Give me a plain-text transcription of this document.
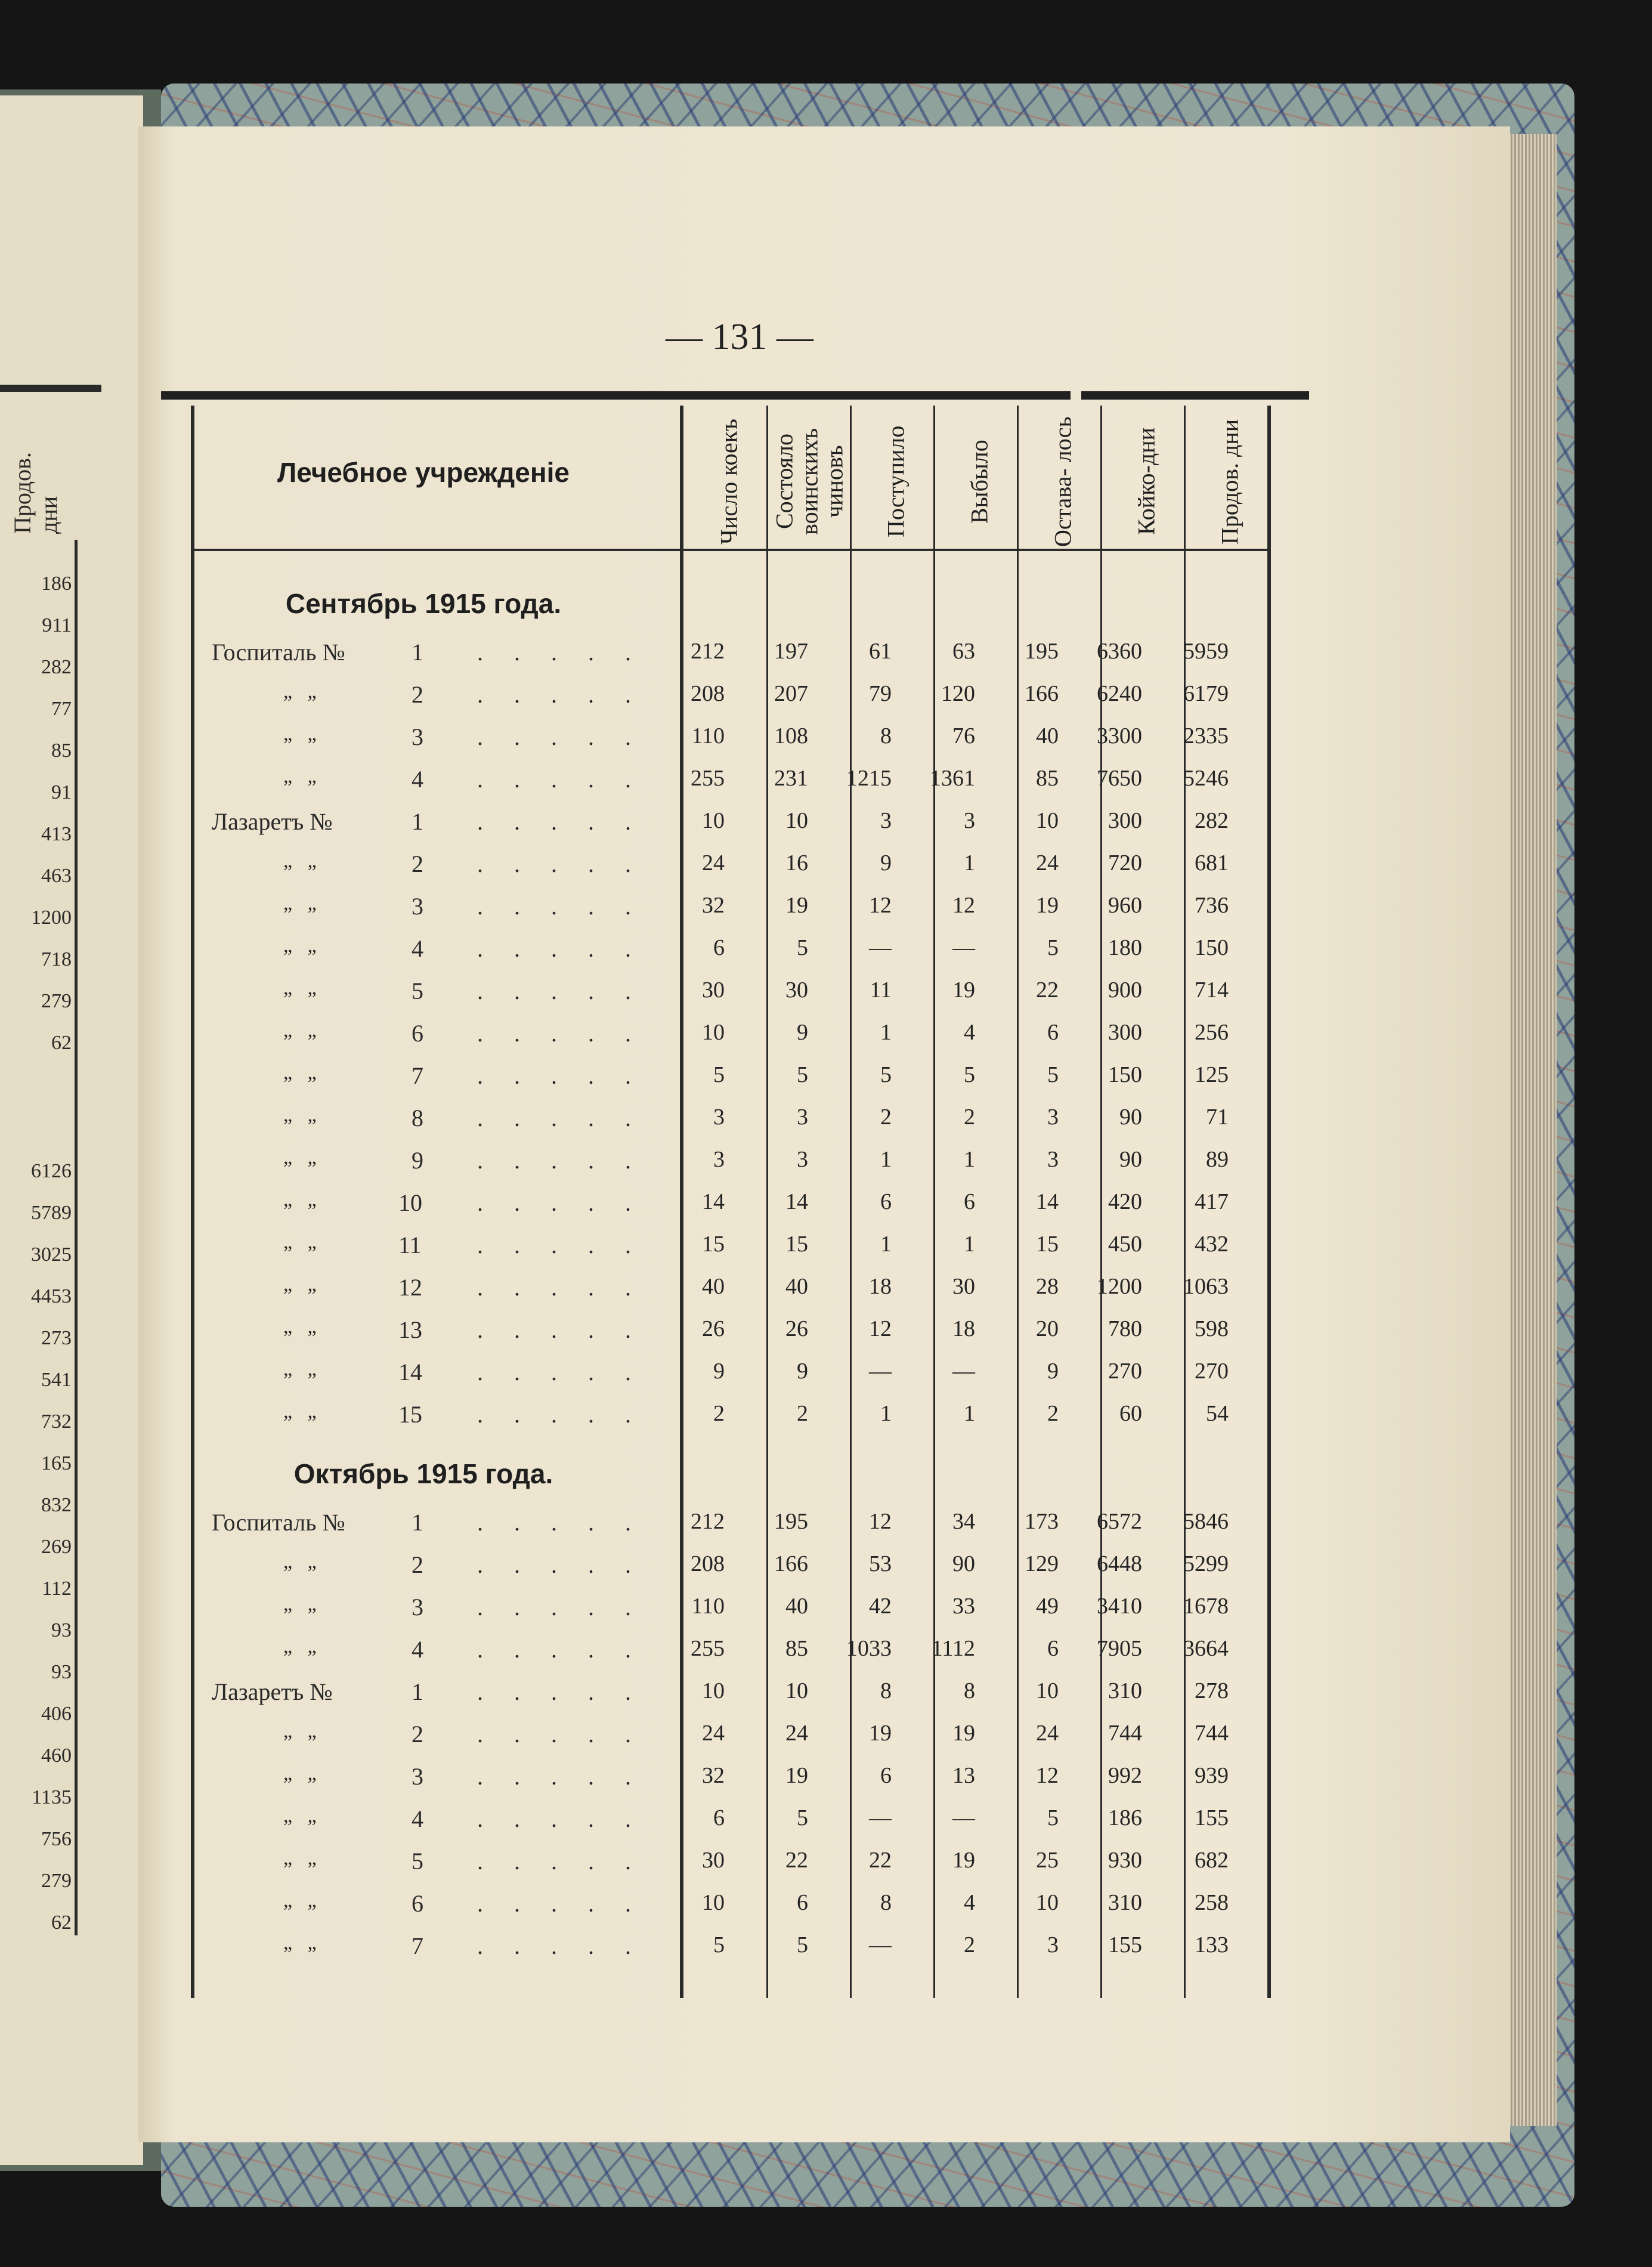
Продов. дни
186
911
282
77
85
91
413
463
1200
718
279
62
6126
5789
3025
4453
273
541
732
165
832
269
112
93
93
406
460
1135
756
279
62
— 131 —
Лечебное учрежденіе	Число коекъ	Состояло воинскихъ чиновъ	Поступило	Выбыло	Остава- лось	Койко-дни	Продов. дни
Сентябрь 1915 года.
Госпиталь №	1 .....	212	197	61	63	195	6360	5959
„   „	2 .....	208	207	79	120	166	6240	6179
„   „	3 .....	110	108	8	76	40	3300	2335
„   „	4 .....	255	231	1215	1361	85	7650	5246
Лазаретъ №	1 .....	10	10	3	3	10	300	282
„   „	2 .....	24	16	9	1	24	720	681
„   „	3 .....	32	19	12	12	19	960	736
„   „	4 .....	6	5	—	—	5	180	150
„   „	5 .....	30	30	11	19	22	900	714
„   „	6 .....	10	9	1	4	6	300	256
„   „	7 .....	5	5	5	5	5	150	125
„   „	8 .....	3	3	2	2	3	90	71
„   „	9 .....	3	3	1	1	3	90	89
„   „	10 .....	14	14	6	6	14	420	417
„   „	11 .....	15	15	1	1	15	450	432
„   „	12 .....	40	40	18	30	28	1200	1063
„   „	13 .....	26	26	12	18	20	780	598
„   „	14 .....	9	9	—	—	9	270	270
„   „	15 .....	2	2	1	1	2	60	54
Октябрь 1915 года.
Госпиталь №	1 .....	212	195	12	34	173	6572	5846
„   „	2 .....	208	166	53	90	129	6448	5299
„   „	3 .....	110	40	42	33	49	3410	1678
„   „	4 .....	255	85	1033	1112	6	7905	3664
Лазаретъ №	1 .....	10	10	8	8	10	310	278
„   „	2 .....	24	24	19	19	24	744	744
„   „	3 .....	32	19	6	13	12	992	939
„   „	4 .....	6	5	—	—	5	186	155
„   „	5 .....	30	22	22	19	25	930	682
„   „	6 .....	10	6	8	4	10	310	258
„   „	7 .....	5	5	—	2	3	155	133
